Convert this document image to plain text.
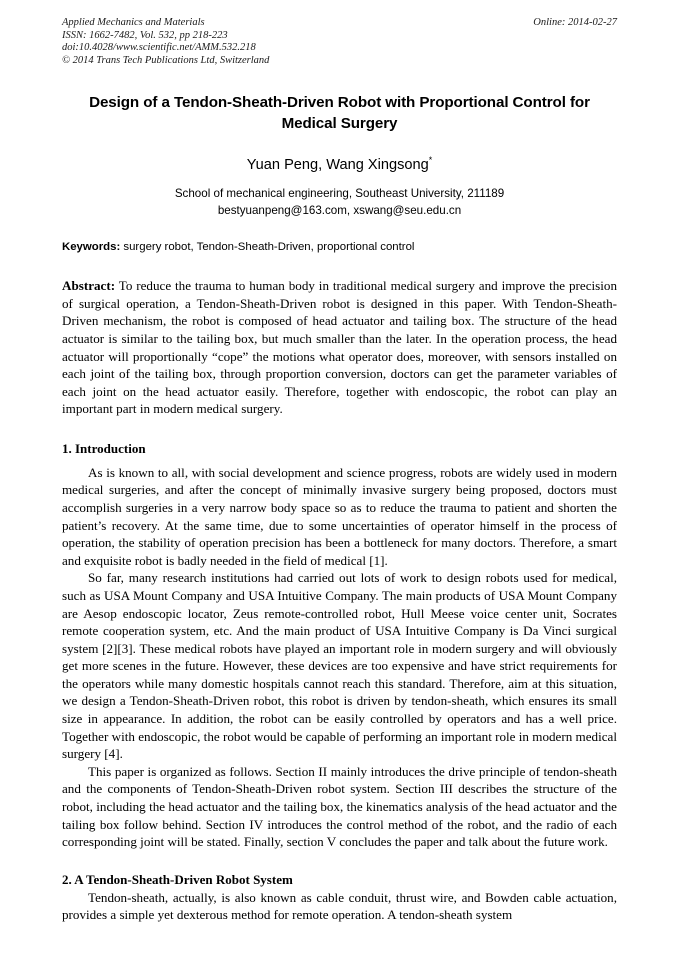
Applied Mechanics and Materials
ISSN: 1662-7482, Vol. 532, pp 218-223
doi:10.4028/www.scientific.net/AMM.532.218
© 2014 Trans Tech Publications Ltd, Switzerland
Online: 2014-02-27
Design of a Tendon-Sheath-Driven Robot with Proportional Control for Medical Surgery
Yuan Peng, Wang Xingsong*
School of mechanical engineering, Southeast University, 211189
bestyuanpeng@163.com, xswang@seu.edu.cn
Keywords: surgery robot, Tendon-Sheath-Driven, proportional control
Abstract: To reduce the trauma to human body in traditional medical surgery and improve the precision of surgical operation, a Tendon-Sheath-Driven robot is designed in this paper. With Tendon-Sheath-Driven mechanism, the robot is composed of head actuator and tailing box. The structure of the head actuator is similar to the tailing box, but much smaller than the later. In the operation process, the head actuator will proportionally “cope” the motions what operator does, moreover, with sensors installed on each joint of the tailing box, through proportion conversion, doctors can get the parameter variables of each joint on the head actuator easily. Therefore, together with endoscopic, the robot can play an important part in modern medical surgery.
1. Introduction

As is known to all, with social development and science progress, robots are widely used in modern medical surgeries, and after the concept of minimally invasive surgery being proposed, doctors must accomplish surgeries in a very narrow body space so as to reduce the trauma to patient and shorten the patient’s recovery. At the same time, due to some uncertainties of operator himself in the process of operation, the stability of operation precision has been a bottleneck for many doctors. Therefore, a smart and exquisite robot is badly needed in the field of medical [1].

So far, many research institutions had carried out lots of work to design robots used for medical, such as USA Mount Company and USA Intuitive Company. The main products of USA Mount Company are Aesop endoscopic locator, Zeus remote-controlled robot, Hull Meese voice center unit, Socrates remote cooperation system, etc. And the main product of USA Intuitive Company is Da Vinci surgical system [2][3]. These medical robots have played an important role in modern surgery and will obviously get more scenes in the future. However, these devices are too expensive and have strict requirements for the operators while many domestic hospitals cannot reach this standard. Therefore, aim at this situation, we design a Tendon-Sheath-Driven robot, this robot is driven by tendon-sheath, which ensures its small size in appearance. In addition, the robot can be easily controlled by operators and has a well price. Together with endoscopic, the robot would be capable of performing an important role in modern medical surgery [4].

This paper is organized as follows. Section II mainly introduces the drive principle of tendon-sheath and the components of Tendon-Sheath-Driven robot system. Section III describes the structure of the robot, including the head actuator and the tailing box, the kinematics analysis of the head actuator and the tailing box follow behind. Section IV introduces the control method of the robot, and the radio of each corresponding joint will be stated. Finally, section V concludes the paper and talk about the future work.

2. A Tendon-Sheath-Driven Robot System

Tendon-sheath, actually, is also known as cable conduit, thrust wire, and Bowden cable actuation, provides a simple yet dexterous method for remote operation. A tendon-sheath system
